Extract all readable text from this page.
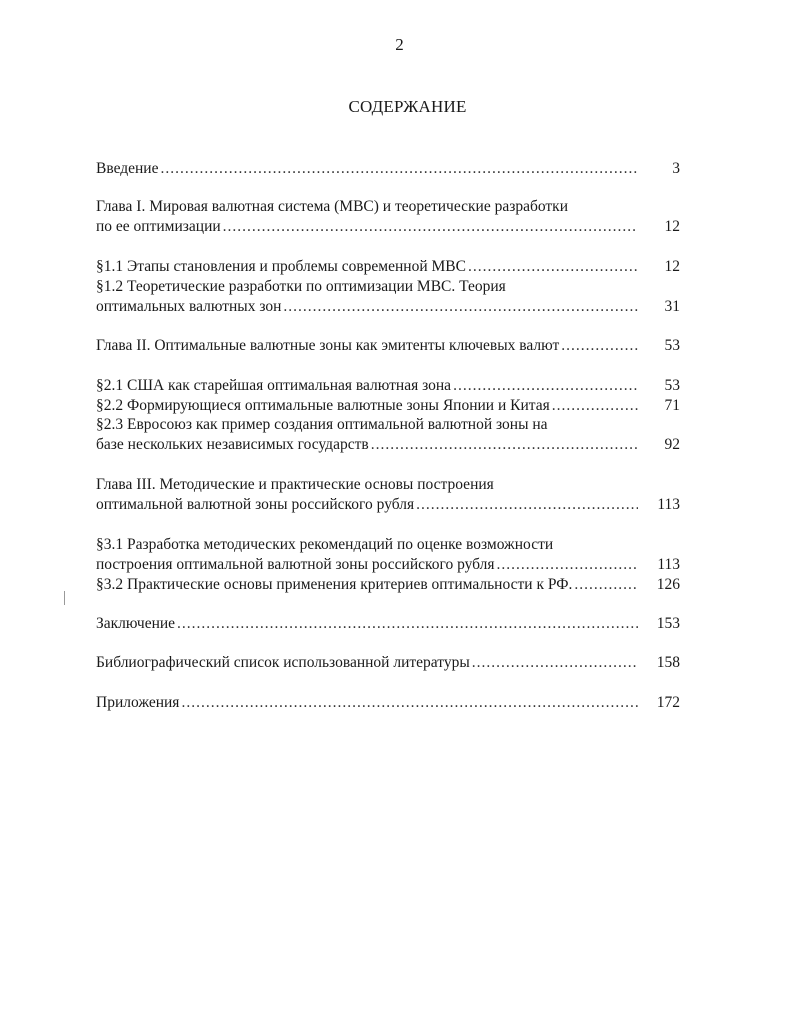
2
СОДЕРЖАНИЕ
Введение .....	3
Глава I. Мировая валютная система (МВС) и теоретические разработки
по ее оптимизации .....	12
§1.1 Этапы становления и проблемы современной МВС .....	12
§1.2 Теоретические разработки по оптимизации МВС. Теория
оптимальных валютных зон .....	31
Глава II. Оптимальные валютные зоны как эмитенты ключевых валют .....	53
§2.1 США как старейшая оптимальная валютная зона .....	53
§2.2 Формирующиеся оптимальные валютные зоны Японии и Китая .....	71
§2.3 Евросоюз как пример создания оптимальной валютной зоны на
базе нескольких независимых государств .....	92
Глава III. Методические и практические основы построения
оптимальной валютной зоны российского рубля .....	113
§3.1 Разработка методических рекомендаций по оценке возможности
построения оптимальной валютной зоны российского рубля .....	113
§3.2 Практические основы применения критериев оптимальности к РФ. .....	126
Заключение .....	153
Библиографический список использованной литературы .....	158
Приложения .....	172
